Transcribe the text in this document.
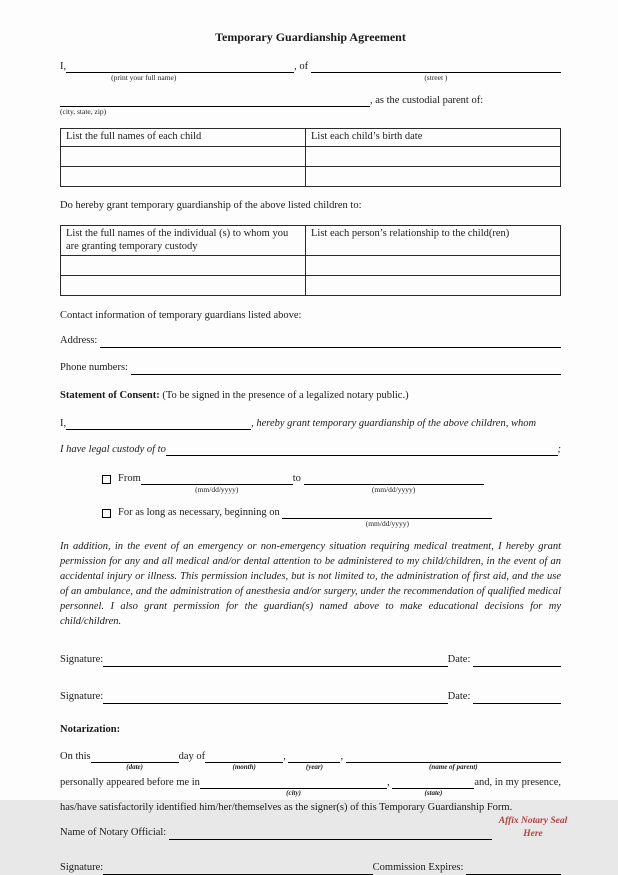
Temporary Guardianship Agreement
I,
(print your full name)
, of
(street )
(city, state, zip)
, as the custodial parent of:
List the full names of each child	List each child’s birth date

Do hereby grant temporary guardianship of the above listed children to:
List the full names of the individual (s) to whom you are granting temporary custody	List each person’s relationship to the child(ren)

Contact information of temporary guardians listed above:
Address:
Phone numbers:
Statement of Consent: (To be signed in the presence of a legalized notary public.)
I,	, hereby grant temporary guardianship of the above children, whom
I have legal custody of to	;
From
(mm/dd/yyyy)
to
(mm/dd/yyyy)
For as long as necessary, beginning on
(mm/dd/yyyy)
In addition, in the event of an emergency or non-emergency situation requiring medical treatment, I hereby grant permission for any and all medical and/or dental attention to be administered to my child/children, in the event of an accidental injury or illness. This permission includes, but is not limited to, the administration of first aid, and the use of an ambulance, and the administration of anesthesia and/or surgery, under the recommendation of qualified medical personnel. I also grant permission for the guardian(s) named above to make educational decisions for my child/children.
Signature:	Date:
Signature:	Date:
Notarization:
On this
(date)
day of
(month)
,

(year)
,

(name of parent)
personally appeared before me in
(city)
,

(state)
and, in my presence,
has/have satisfactorily identified him/her/themselves as the signer(s) of this Temporary Guardianship Form.
Affix Notary Seal Here
Name of Notary Official:
Signature:	Commission Expires:
